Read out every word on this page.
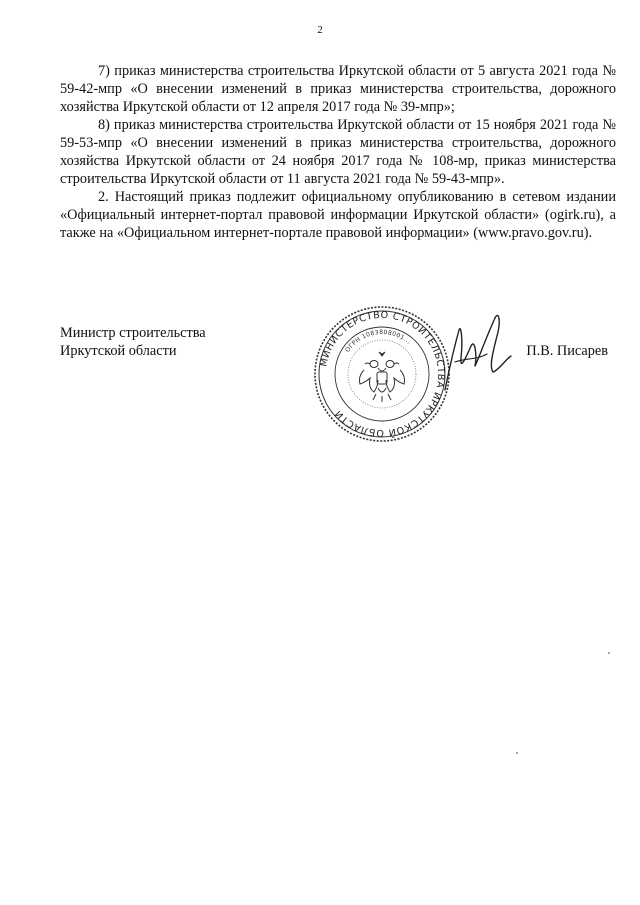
2

7) приказ министерства строительства Иркутской области от 5 августа 2021 года № 59-42-мпр «О внесении изменений в приказ министерства строительства, дорожного хозяйства Иркутской области от 12 апреля 2017 года № 39-мпр»;

8) приказ министерства строительства Иркутской области от 15 ноября 2021 года № 59-53-мпр «О внесении изменений в приказ министерства строительства, дорожного хозяйства Иркутской области от 24 ноября 2017 года № 108-мр, приказ министерства строительства Иркутской области от 11 августа 2021 года № 59-43-мпр».

2. Настоящий приказ подлежит официальному опубликованию в сетевом издании «Официальный интернет-портал правовой информации Иркутской области» (ogirk.ru), а также на «Официальном интернет-портале правовой информации» (www.pravo.gov.ru).

Министр строительства
Иркутской области
МИНИСТЕРСТВО СТРОИТЕЛЬСТВА ИРКУТСКОЙ ОБЛАСТИ
ОГРН 1083808001...
П.В. Писарев
